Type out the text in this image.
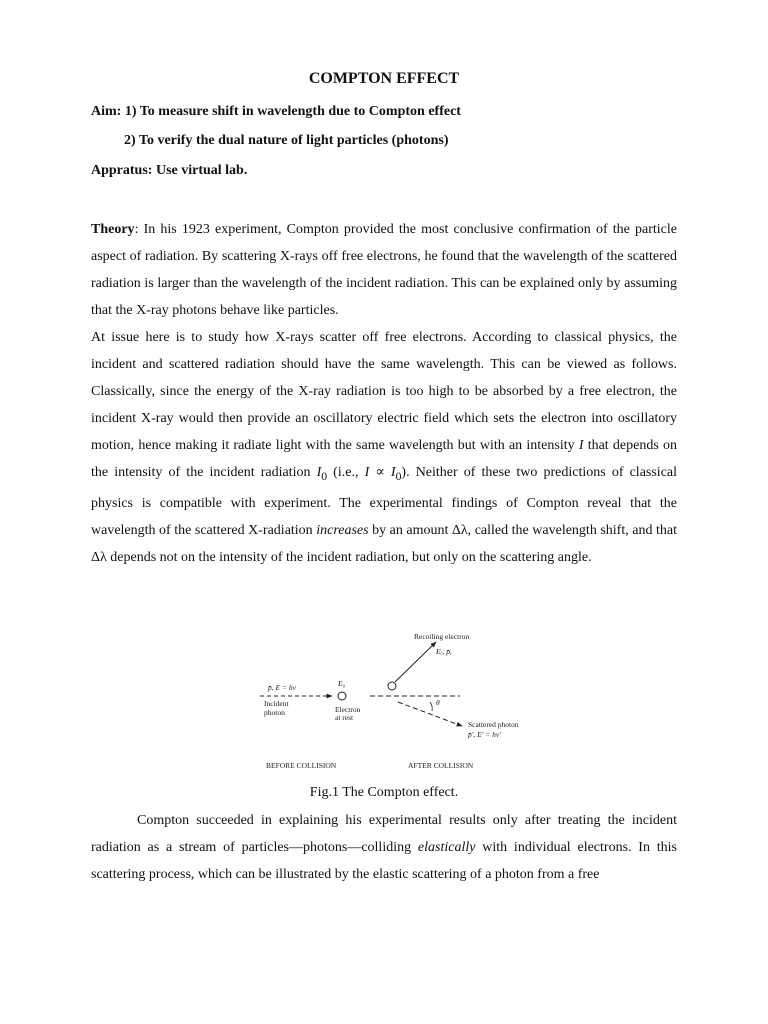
COMPTON EFFECT

Aim: 1) To measure shift in wavelength due to Compton effect

2) To verify the dual nature of light particles (photons)

Appratus: Use virtual lab.

Theory: In his 1923 experiment, Compton provided the most conclusive confirmation of the particle aspect of radiation. By scattering X-rays off free electrons, he found that the wavelength of the scattered radiation is larger than the wavelength of the incident radiation. This can be explained only by assuming that the X-ray photons behave like particles.

At issue here is to study how X-rays scatter off free electrons. According to classical physics, the incident and scattered radiation should have the same wavelength. This can be viewed as follows. Classically, since the energy of the X-ray radiation is too high to be absorbed by a free electron, the incident X-ray would then provide an oscillatory electric field which sets the electron into oscillatory motion, hence making it radiate light with the same wavelength but with an intensity I that depends on the intensity of the incident radiation $I_0$ (i.e., $I \propto I_0$). Neither of these two predictions of classical physics is compatible with experiment. The experimental findings of Compton reveal that the wavelength of the scattered X-radiation increases by an amount Δλ, called the wavelength shift, and that Δλ depends not on the intensity of the incident radiation, but only on the scattering angle.

Recoiling electron
Eₑ, p̄ₑ
p̄, E = hν	E₀
Incident
photon	Electron
at rest
θ
Scattered photon
p̄′, E′ = hν′
BEFORE COLLISION	AFTER COLLISION

Fig.1 The Compton effect.

Compton succeeded in explaining his experimental results only after treating the incident radiation as a stream of particles—photons—colliding elastically with individual electrons. In this scattering process, which can be illustrated by the elastic scattering of a photon from a free
